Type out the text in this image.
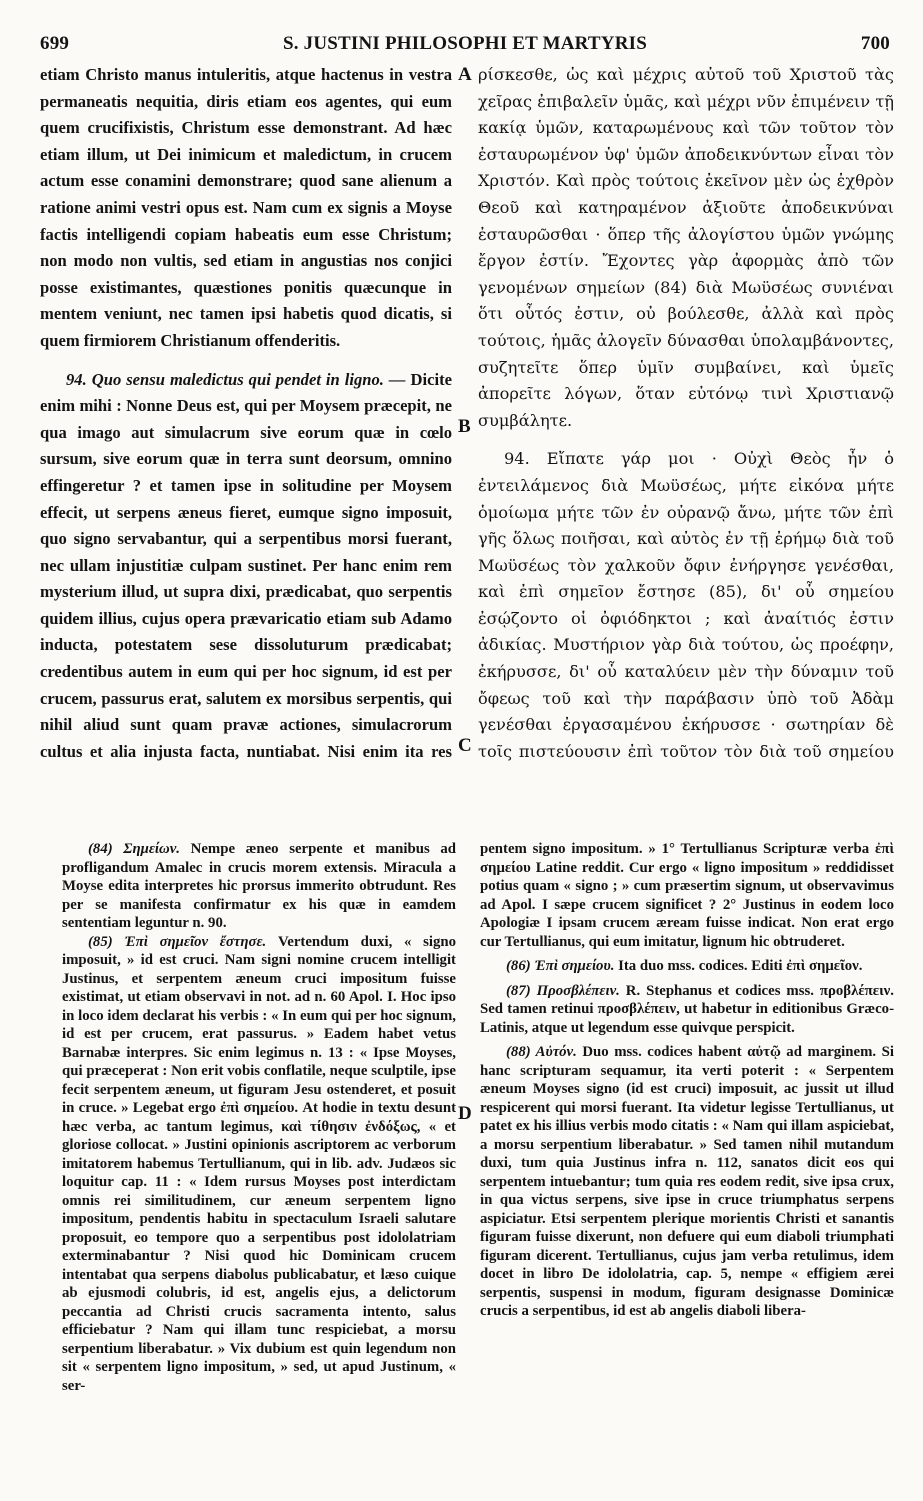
699	S. JUSTINI PHILOSOPHI ET MARTYRIS	700

etiam Christo manus intuleritis, atque hactenus in vestra permaneatis nequitia, diris etiam eos agentes, qui eum quem crucifixistis, Christum esse demonstrant. Ad hæc etiam illum, ut Dei inimicum et maledictum, in crucem actum esse conamini demonstrare; quod sane alienum a ratione animi vestri opus est. Nam cum ex signis a Moyse factis intelligendi copiam habeatis eum esse Christum; non modo non vultis, sed etiam in angustias nos conjici posse existimantes, quæstiones ponitis quæcunque in mentem veniunt, nec tamen ipsi habetis quod dicatis, si quem firmiorem Christianum offenderitis.

94. Quo sensu maledictus qui pendet in ligno. — Dicite enim mihi : Nonne Deus est, qui per Moysem præcepit, ne qua imago aut simulacrum sive eorum quæ in cœlo sursum, sive eorum quæ in terra sunt deorsum, omnino effingeretur ? et tamen ipse in solitudine per Moysem effecit, ut serpens æneus fieret, eumque signo imposuit, quo signo servabantur, qui a serpentibus morsi fuerant, nec ullam injustitiæ culpam sustinet. Per hanc enim rem mysterium illud, ut supra dixi, prædicabat, quo serpentis quidem illius, cujus opera prævaricatio etiam sub Adamo inducta, potestatem sese dissoluturum prædicabat; credentibus autem in eum qui per hoc signum, id est per crucem, passurus erat, salutem ex morsibus serpentis, qui nihil aliud sunt quam pravæ actiones, simulacrorum cultus et alia injusta facta, nuntiabat. Nisi enim ita res

A
B
C
D

ρίσκεσθε, ὡς καὶ μέχρις αὐτοῦ τοῦ Χριστοῦ τὰς χεῖρας ἐπιβαλεῖν ὑμᾶς, καὶ μέχρι νῦν ἐπιμένειν τῇ κακίᾳ ὑμῶν, καταρωμένους καὶ τῶν τοῦτον τὸν ἐσταυρωμένον ὑφ' ὑμῶν ἀποδεικνύντων εἶναι τὸν Χριστόν. Καὶ πρὸς τούτοις ἐκεῖνον μὲν ὡς ἐχθρὸν Θεοῦ καὶ κατηραμένον ἀξιοῦτε ἀποδεικνύναι ἐσταυρῶσθαι · ὅπερ τῆς ἀλογίστου ὑμῶν γνώμης ἔργον ἐστίν. Ἔχοντες γὰρ ἀφορμὰς ἀπὸ τῶν γενομένων σημείων (84) διὰ Μωϋσέως συνιέναι ὅτι οὗτός ἐστιν, οὐ βούλεσθε, ἀλλὰ καὶ πρὸς τούτοις, ἡμᾶς ἀλογεῖν δύνασθαι ὑπολαμβάνοντες, συζητεῖτε ὅπερ ὑμῖν συμβαίνει, καὶ ὑμεῖς ἀπορεῖτε λόγων, ὅταν εὐτόνῳ τινὶ Χριστιανῷ συμβάλητε.

94. Εἴπατε γάρ μοι · Οὐχὶ Θεὸς ἦν ὁ ἐντειλάμενος διὰ Μωϋσέως, μήτε εἰκόνα μήτε ὁμοίωμα μήτε τῶν ἐν οὐρανῷ ἄνω, μήτε τῶν ἐπὶ γῆς ὅλως ποιῆσαι, καὶ αὐτὸς ἐν τῇ ἐρήμῳ διὰ τοῦ Μωϋσέως τὸν χαλκοῦν ὄφιν ἐνήργησε γενέσθαι, καὶ ἐπὶ σημεῖον ἔστησε (85), δι' οὗ σημείου ἐσῴζοντο οἱ ὀφιόδηκτοι ; καὶ ἀναίτιός ἐστιν ἀδικίας. Μυστήριον γὰρ διὰ τούτου, ὡς προέφην, ἐκήρυσσε, δι' οὗ καταλύειν μὲν τὴν δύναμιν τοῦ ὄφεως τοῦ καὶ τὴν παράβασιν ὑπὸ τοῦ Ἀδὰμ γενέσθαι ἐργασαμένου ἐκήρυσσε · σωτηρίαν δὲ τοῖς πιστεύουσιν ἐπὶ τοῦτον τὸν διὰ τοῦ σημείου

(84) Σημείων. Nempe æneo serpente et manibus ad profligandum Amalec in crucis morem extensis. Miracula a Moyse edita interpretes hic prorsus immerito obtrudunt. Res per se manifesta confirmatur ex his quæ in eamdem sententiam leguntur n. 90.

(85) Ἐπὶ σημεῖον ἔστησε. Vertendum duxi, « signo imposuit, » id est cruci. Nam signi nomine crucem intelligit Justinus, et serpentem æneum cruci impositum fuisse existimat, ut etiam observavi in not. ad n. 60 Apol. I. Hoc ipso in loco idem declarat his verbis : « In eum qui per hoc signum, id est per crucem, erat passurus. » Eadem habet vetus Barnabæ interpres. Sic enim legimus n. 13 : « Ipse Moyses, qui præceperat : Non erit vobis conflatile, neque sculptile, ipse fecit serpentem æneum, ut figuram Jesu ostenderet, et posuit in cruce. » Legebat ergo ἐπὶ σημείου. At hodie in textu desunt hæc verba, ac tantum legimus, καὶ τίθησιν ἐνδόξως, « et gloriose collocat. » Justini opinionis ascriptorem ac verborum imitatorem habemus Tertullianum, qui in lib. adv. Judæos sic loquitur cap. 11 : « Idem rursus Moyses post interdictam omnis rei similitudinem, cur æneum serpentem ligno impositum, pendentis habitu in spectaculum Israeli salutare proposuit, eo tempore quo a serpentibus post idololatriam exterminabantur ? Nisi quod hic Dominicam crucem intentabat qua serpens diabolus publicabatur, et læso cuique ab ejusmodi colubris, id est, angelis ejus, a delictorum peccantia ad Christi crucis sacramenta intento, salus efficiebatur ? Nam qui illam tunc respiciebat, a morsu serpentium liberabatur. » Vix dubium est quin legendum non sit « serpentem ligno impositum, » sed, ut apud Justinum, « ser-

pentem signo impositum. » 1° Tertullianus Scripturæ verba ἐπὶ σημείου Latine reddit. Cur ergo « ligno impositum » reddidisset potius quam « signo ; » cum præsertim signum, ut observavimus ad Apol. I sæpe crucem significet ? 2° Justinus in eodem loco Apologiæ I ipsam crucem æream fuisse indicat. Non erat ergo cur Tertullianus, qui eum imitatur, lignum hic obtruderet.

(86) Ἐπὶ σημείου. Ita duo mss. codices. Editi ἐπὶ σημεῖον.

(87) Προσβλέπειν. R. Stephanus et codices mss. προβλέπειν. Sed tamen retinui προσβλέπειν, ut habetur in editionibus Græco-Latinis, atque ut legendum esse quivque perspicit.

(88) Αὐτόν. Duo mss. codices habent αὐτῷ ad marginem. Si hanc scripturam sequamur, ita verti poterit : « Serpentem æneum Moyses signo (id est cruci) imposuit, ac jussit ut illud respicerent qui morsi fuerant. Ita videtur legisse Tertullianus, ut patet ex his illius verbis modo citatis : « Nam qui illam aspiciebat, a morsu serpentium liberabatur. » Sed tamen nihil mutandum duxi, tum quia Justinus infra n. 112, sanatos dicit eos qui serpentem intuebantur; tum quia res eodem redit, sive ipsa crux, in qua victus serpens, sive ipse in cruce triumphatus serpens aspiciatur. Etsi serpentem plerique morientis Christi et sanantis figuram fuisse dixerunt, non defuere qui eum diaboli triumphati figuram dicerent. Tertullianus, cujus jam verba retulimus, idem docet in libro De idololatria, cap. 5, nempe « effigiem ærei serpentis, suspensi in modum, figuram designasse Dominicæ crucis a serpentibus, id est ab angelis diaboli libera-
